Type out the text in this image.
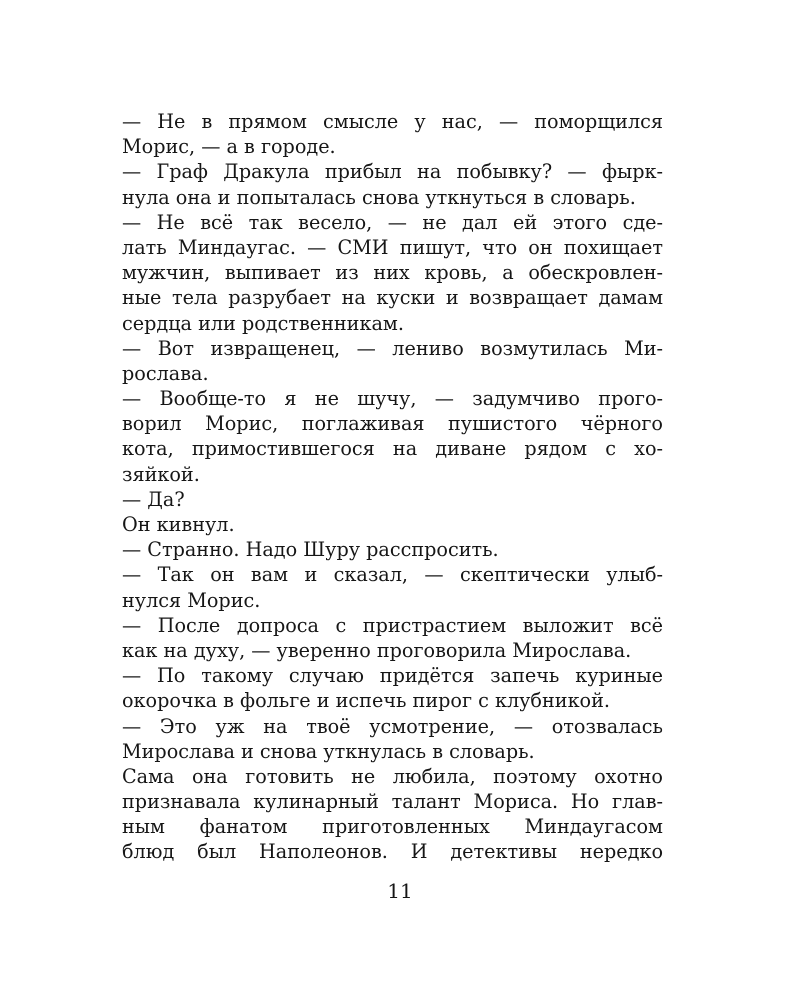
— Не в прямом смысле у нас, — поморщился
Морис, — а в городе.
— Граф Дракула прибыл на побывку? — фырк-
нула она и попыталась снова уткнуться в словарь.
— Не всё так весело, — не дал ей этого сде-
лать Миндаугас. — СМИ пишут, что он похищает
мужчин, выпивает из них кровь, а обескровлен-
ные тела разрубает на куски и возвращает дамам
сердца или родственникам.
— Вот извращенец, — лениво возмутилась Ми-
рослава.
— Вообще-то я не шучу, — задумчиво прого-
ворил Морис, поглаживая пушистого чёрного
кота, примостившегося на диване рядом с хо-
зяйкой.
— Да?
Он кивнул.
— Странно. Надо Шуру расспросить.
— Так он вам и сказал, — скептически улыб-
нулся Морис.
— После допроса с пристрастием выложит всё
как на духу, — уверенно проговорила Мирослава.
— По такому случаю придётся запечь куриные
окорочка в фольге и испечь пирог с клубникой.
— Это уж на твоё усмотрение, — отозвалась
Мирослава и снова уткнулась в словарь.
Сама она готовить не любила, поэтому охотно
признавала кулинарный талант Мориса. Но глав-
ным фанатом приготовленных Миндаугасом
блюд был Наполеонов. И детективы нередко
11
